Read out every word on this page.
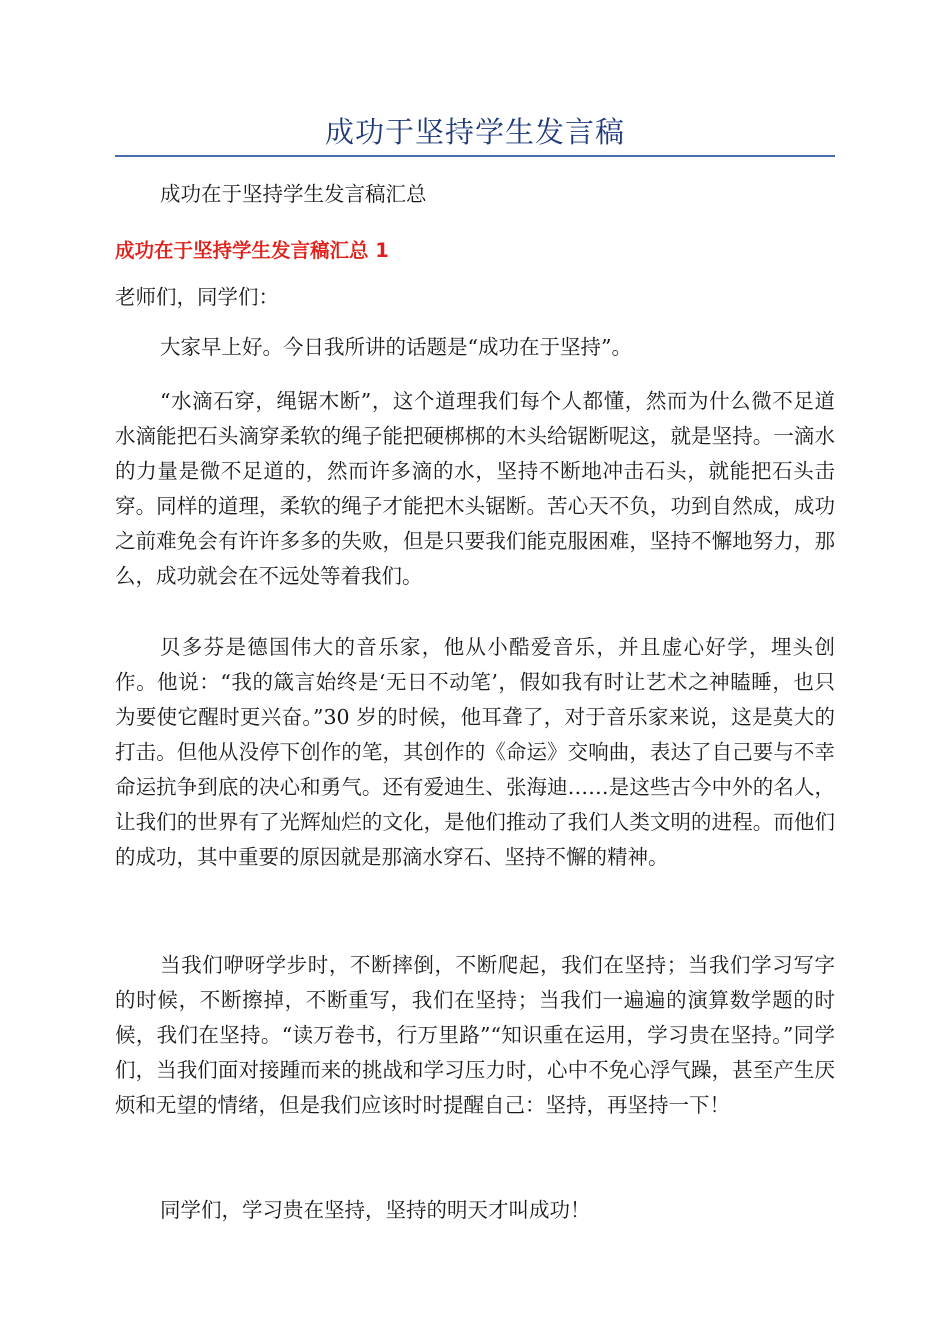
成功于坚持学生发言稿
成功在于坚持学生发言稿汇总
成功在于坚持学生发言稿汇总 1
老师们，同学们：
大家早上好。今日我所讲的话题是“成功在于坚持”。
“水滴石穿，绳锯木断”，这个道理我们每个人都懂，然而为什么微不足道水滴能把石头滴穿柔软的绳子能把硬梆梆的木头给锯断呢这，就是坚持。一滴水的力量是微不足道的，然而许多滴的水，坚持不断地冲击石头，就能把石头击穿。同样的道理，柔软的绳子才能把木头锯断。苦心天不负，功到自然成，成功之前难免会有许许多多的失败，但是只要我们能克服困难，坚持不懈地努力，那么，成功就会在不远处等着我们。
贝多芬是德国伟大的音乐家，他从小酷爱音乐，并且虚心好学，埋头创作。他说：“我的箴言始终是‘无日不动笔’，假如我有时让艺术之神瞌睡，也只为要使它醒时更兴奋。”30 岁的时候，他耳聋了，对于音乐家来说，这是莫大的打击。但他从没停下创作的笔，其创作的《命运》交响曲，表达了自己要与不幸命运抗争到底的决心和勇气。还有爱迪生、张海迪……是这些古今中外的名人，让我们的世界有了光辉灿烂的文化，是他们推动了我们人类文明的进程。而他们的成功，其中重要的原因就是那滴水穿石、坚持不懈的精神。
当我们咿呀学步时，不断摔倒，不断爬起，我们在坚持；当我们学习写字的时候，不断擦掉，不断重写，我们在坚持；当我们一遍遍的演算数学题的时候，我们在坚持。“读万卷书，行万里路”“知识重在运用，学习贵在坚持。”同学们，当我们面对接踵而来的挑战和学习压力时，心中不免心浮气躁，甚至产生厌烦和无望的情绪，但是我们应该时时提醒自己：坚持，再坚持一下！
同学们，学习贵在坚持，坚持的明天才叫成功！
